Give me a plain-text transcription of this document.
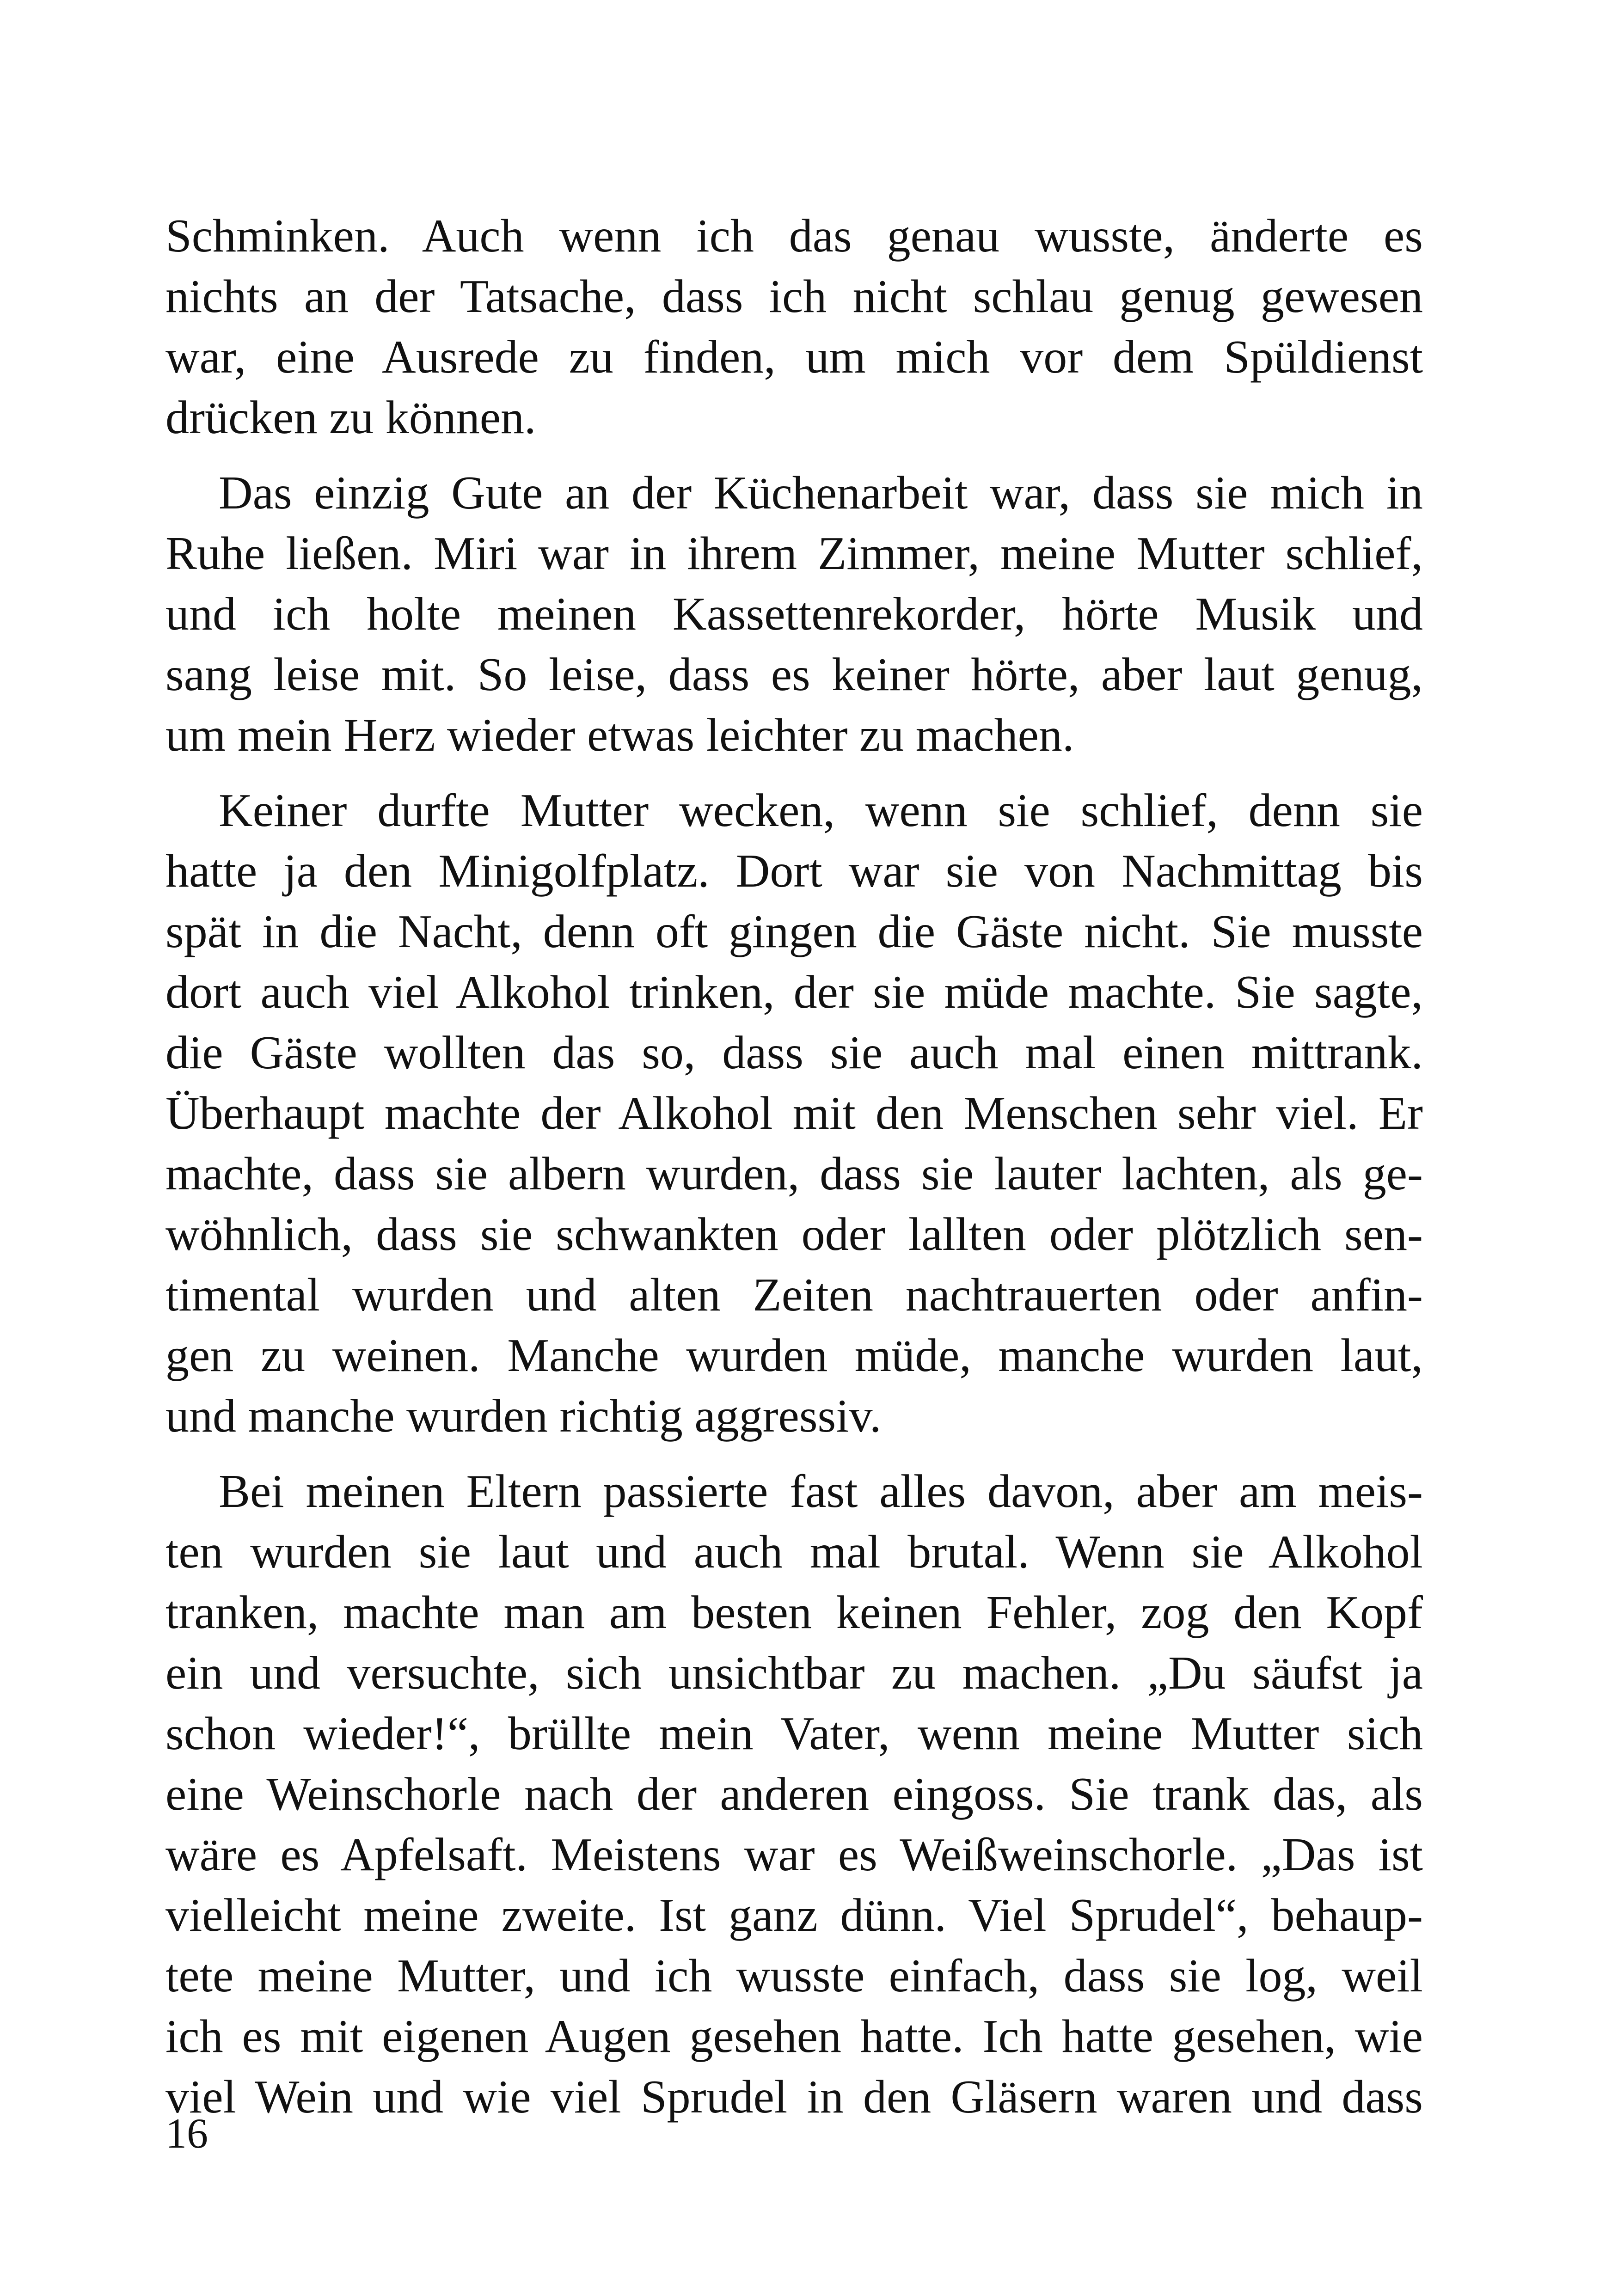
Schminken. Auch wenn ich das genau wusste, änderte es
nichts an der Tatsache, dass ich nicht schlau genug gewesen
war, eine Ausrede zu finden, um mich vor dem Spüldienst
drücken zu können.
Das einzig Gute an der Küchenarbeit war, dass sie mich in
Ruhe ließen. Miri war in ihrem Zimmer, meine Mutter schlief,
und ich holte meinen Kassettenrekorder, hörte Musik und
sang leise mit. So leise, dass es keiner hörte, aber laut genug,
um mein Herz wieder etwas leichter zu machen.
Keiner durfte Mutter wecken, wenn sie schlief, denn sie
hatte ja den Minigolfplatz. Dort war sie von Nachmittag bis
spät in die Nacht, denn oft gingen die Gäste nicht. Sie musste
dort auch viel Alkohol trinken, der sie müde machte. Sie sagte,
die Gäste wollten das so, dass sie auch mal einen mittrank.
Überhaupt machte der Alkohol mit den Menschen sehr viel. Er
machte, dass sie albern wurden, dass sie lauter lachten, als ge-
wöhnlich, dass sie schwankten oder lallten oder plötzlich sen-
timental wurden und alten Zeiten nachtrauerten oder anfin-
gen zu weinen. Manche wurden müde, manche wurden laut,
und manche wurden richtig aggressiv.
Bei meinen Eltern passierte fast alles davon, aber am meis-
ten wurden sie laut und auch mal brutal. Wenn sie Alkohol
tranken, machte man am besten keinen Fehler, zog den Kopf
ein und versuchte, sich unsichtbar zu machen. „Du säufst ja
schon wieder!“, brüllte mein Vater, wenn meine Mutter sich
eine Weinschorle nach der anderen eingoss. Sie trank das, als
wäre es Apfelsaft. Meistens war es Weißweinschorle. „Das ist
vielleicht meine zweite. Ist ganz dünn. Viel Sprudel“, behaup-
tete meine Mutter, und ich wusste einfach, dass sie log, weil
ich es mit eigenen Augen gesehen hatte. Ich hatte gesehen, wie
viel Wein und wie viel Sprudel in den Gläsern waren und dass
16
